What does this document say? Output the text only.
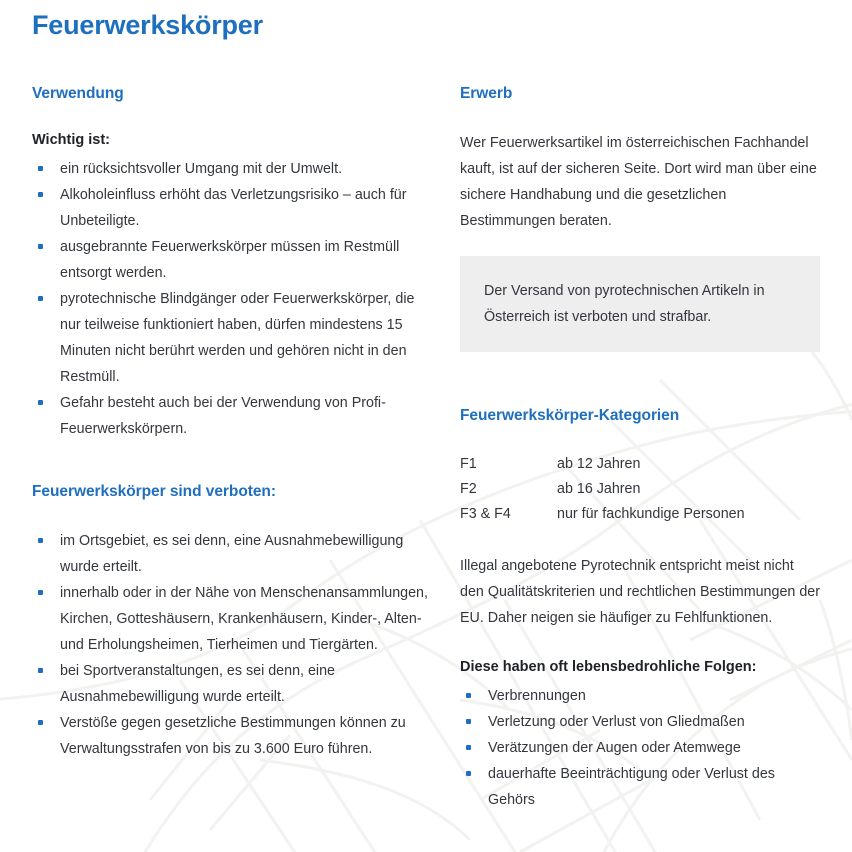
Feuerwerkskörper
Verwendung
Wichtig ist:
ein rücksichtsvoller Umgang mit der Umwelt.
Alkoholeinfluss erhöht das Verletzungsrisiko – auch für Unbeteiligte.
ausgebrannte Feuerwerkskörper müssen im Restmüll entsorgt werden.
pyrotechnische Blindgänger oder Feuerwerkskörper, die nur teilweise funktioniert haben, dürfen mindestens 15 Minuten nicht berührt werden und gehören nicht in den Restmüll.
Gefahr besteht auch bei der Verwendung von Profi-Feuerwerkskörpern.
Feuerwerkskörper sind verboten:
im Ortsgebiet, es sei denn, eine Ausnahmebewilligung wurde erteilt.
innerhalb oder in der Nähe von Menschenansammlungen, Kirchen, Gotteshäusern, Krankenhäusern, Kinder-, Alten- und Erholungsheimen, Tierheimen und Tiergärten.
bei Sportveranstaltungen, es sei denn, eine Ausnahmebewilligung wurde erteilt.
Verstöße gegen gesetzliche Bestimmungen können zu Verwaltungsstrafen von bis zu 3.600 Euro führen.
Erwerb

Wer Feuerwerksartikel im österreichischen Fachhandel kauft, ist auf der sicheren Seite. Dort wird man über eine sichere Handhabung und die gesetzlichen Bestimmungen beraten.

Der Versand von pyrotechnischen Artikeln in Österreich ist verboten und strafbar.

Feuerwerkskörper-Kategorien
F1	ab 12 Jahren
F2	ab 16 Jahren
F3 & F4	nur für fachkundige Personen

Illegal angebotene Pyrotechnik entspricht meist nicht den Qualitätskriterien und rechtlichen Bestimmungen der EU. Daher neigen sie häufiger zu Fehlfunktionen.

Diese haben oft lebensbedrohliche Folgen:
Verbrennungen
Verletzung oder Verlust von Gliedmaßen
Verätzungen der Augen oder Atemwege
dauerhafte Beeinträchtigung oder Verlust des Gehörs
